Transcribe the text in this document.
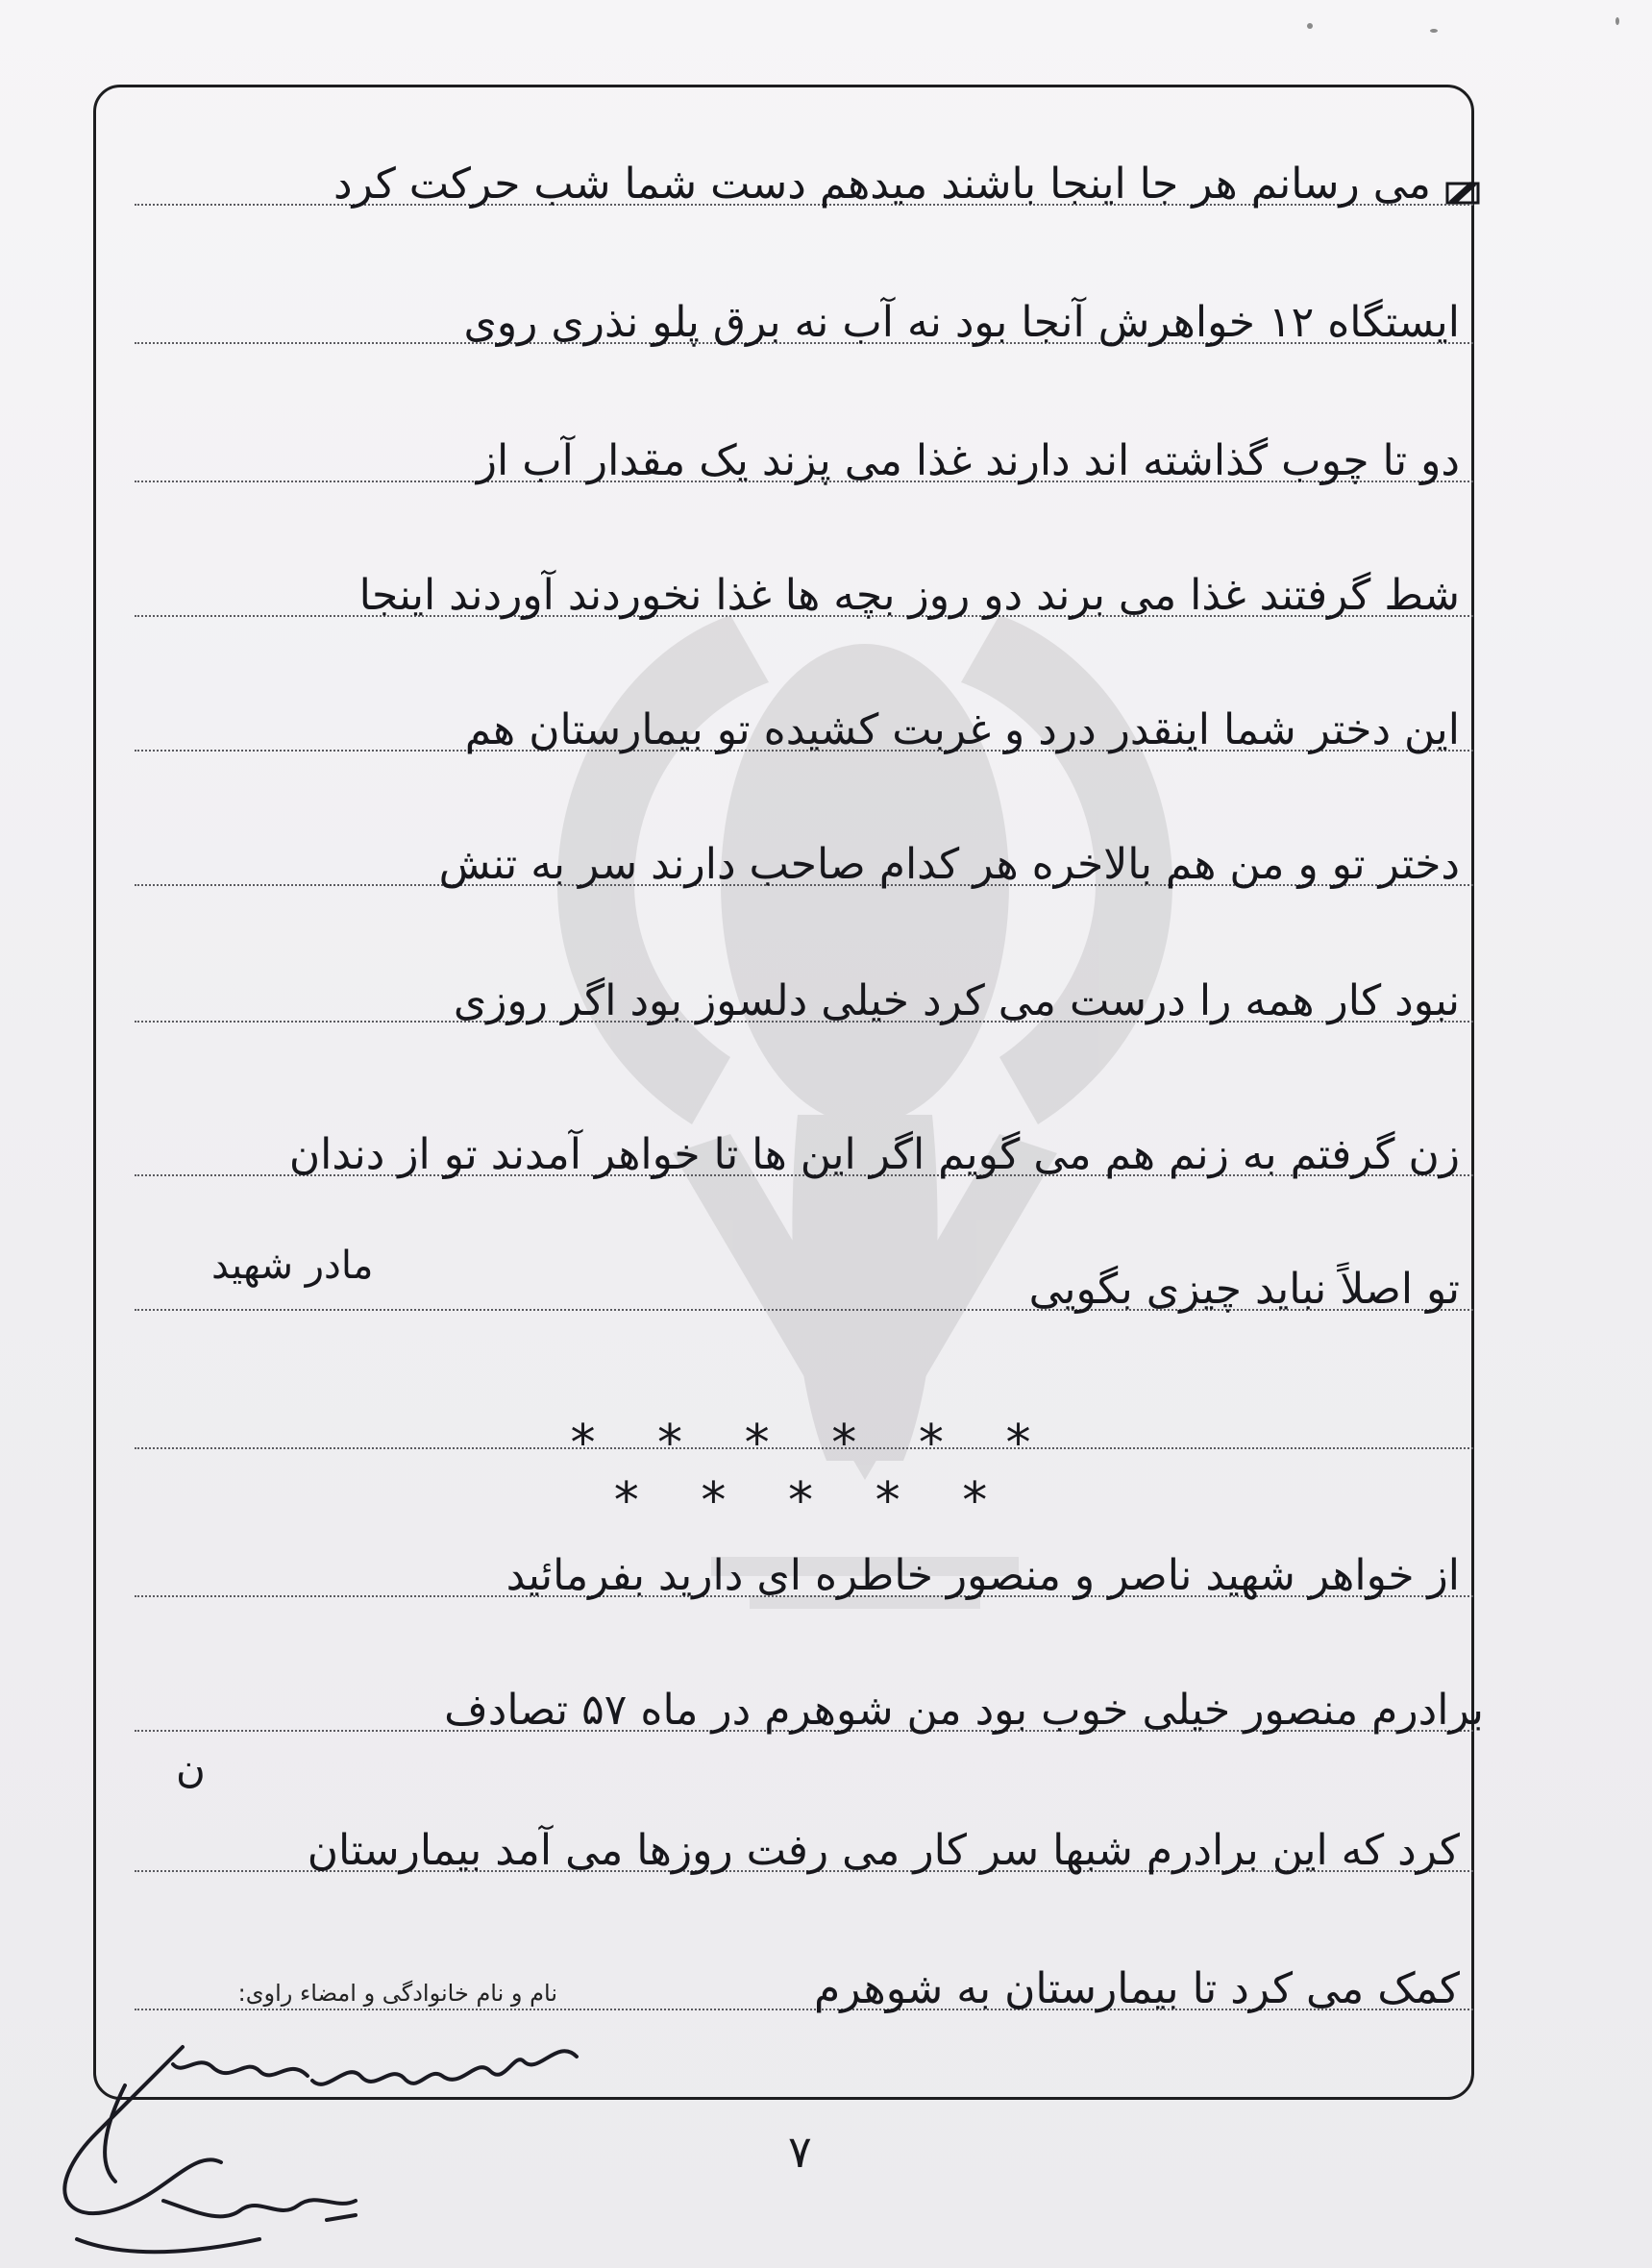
می رسانم هر جا اینجا باشند میدهم دست شما شب حرکت کرد
ایستگاه ۱۲ خواهرش آنجا بود نه آب نه برق پلو نذری روی
دو تا چوب گذاشته اند دارند غذا می پزند یک مقدار آب از
شط گرفتند غذا می برند دو روز بچه ها غذا نخوردند آوردند اینجا
این دختر شما اینقدر درد و غربت کشیده تو بیمارستان هم
دختر تو و من هم بالاخره هر کدام صاحب دارند سر به تنش
نبود کار همه را درست می کرد خیلی دلسوز بود اگر روزی
زن گرفتم به زنم هم می گویم اگر این ها تا خواهر آمدند تو از دندان
تو اصلاً نباید چیزی بگویی
مادر شهید
* * * * * * * * * * *
از خواهر شهید ناصر و منصور خاطره ای دارید بفرمائید
برادرم منصور خیلی خوب بود من شوهرم در ماه ۵۷ تصادف
ن
کرد که این برادرم شبها سر کار می رفت روزها می آمد بیمارستان
کمک می کرد تا بیمارستان به شوهرم
نام و نام خانوادگی و امضاء راوی:
۷
